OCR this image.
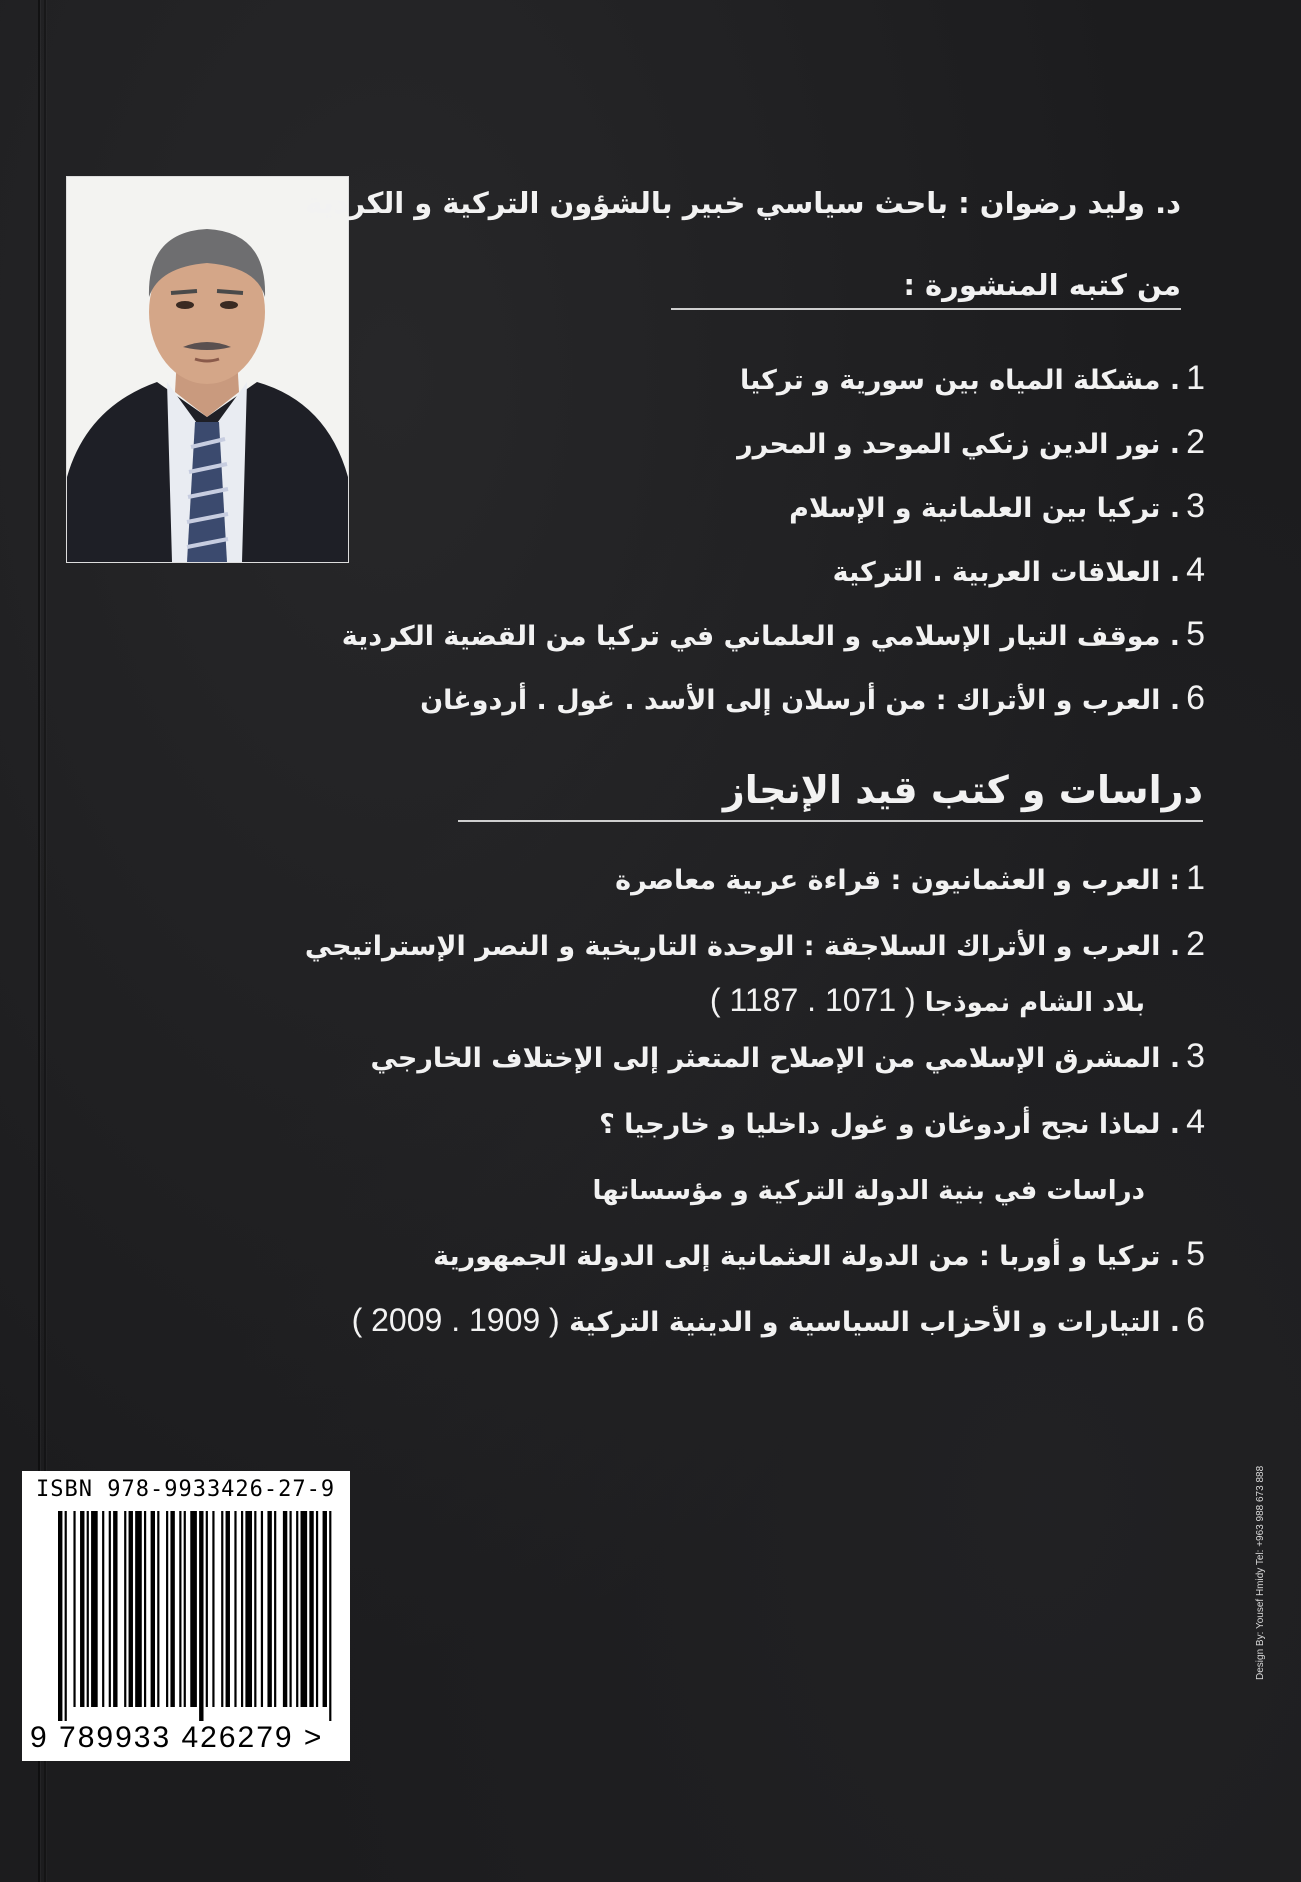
د. وليد رضوان : باحث سياسي خبير بالشؤون التركية و الكردية
من كتبه المنشورة :
1. مشكلة المياه بين سورية و تركيا
2. نور الدين زنكي الموحد و المحرر
3. تركيا بين العلمانية و الإسلام
4. العلاقات العربية . التركية
5. موقف التيار الإسلامي و العلماني في تركيا من القضية الكردية
6. العرب و الأتراك : من أرسلان إلى الأسد . غول . أردوغان
دراسات و كتب قيد الإنجاز
1: العرب و العثمانيون : قراءة عربية معاصرة
2. العرب و الأتراك السلاجقة : الوحدة التاريخية و النصر الإستراتيجي
بلاد الشام نموذجا ( 1071 . 1187 )
3. المشرق الإسلامي من الإصلاح المتعثر إلى الإختلاف الخارجي
4. لماذا نجح أردوغان و غول داخليا و خارجيا ؟
دراسات في بنية الدولة التركية و مؤسساتها
5. تركيا و أوربا : من الدولة العثمانية إلى الدولة الجمهورية
6. التيارات و الأحزاب السياسية و الدينية التركية ( 1909 . 2009 )
ISBN 978-9933426-27-9
9 789933 426279 >
Design By: Yousef Hmidy Tel: +963 988 673 888
